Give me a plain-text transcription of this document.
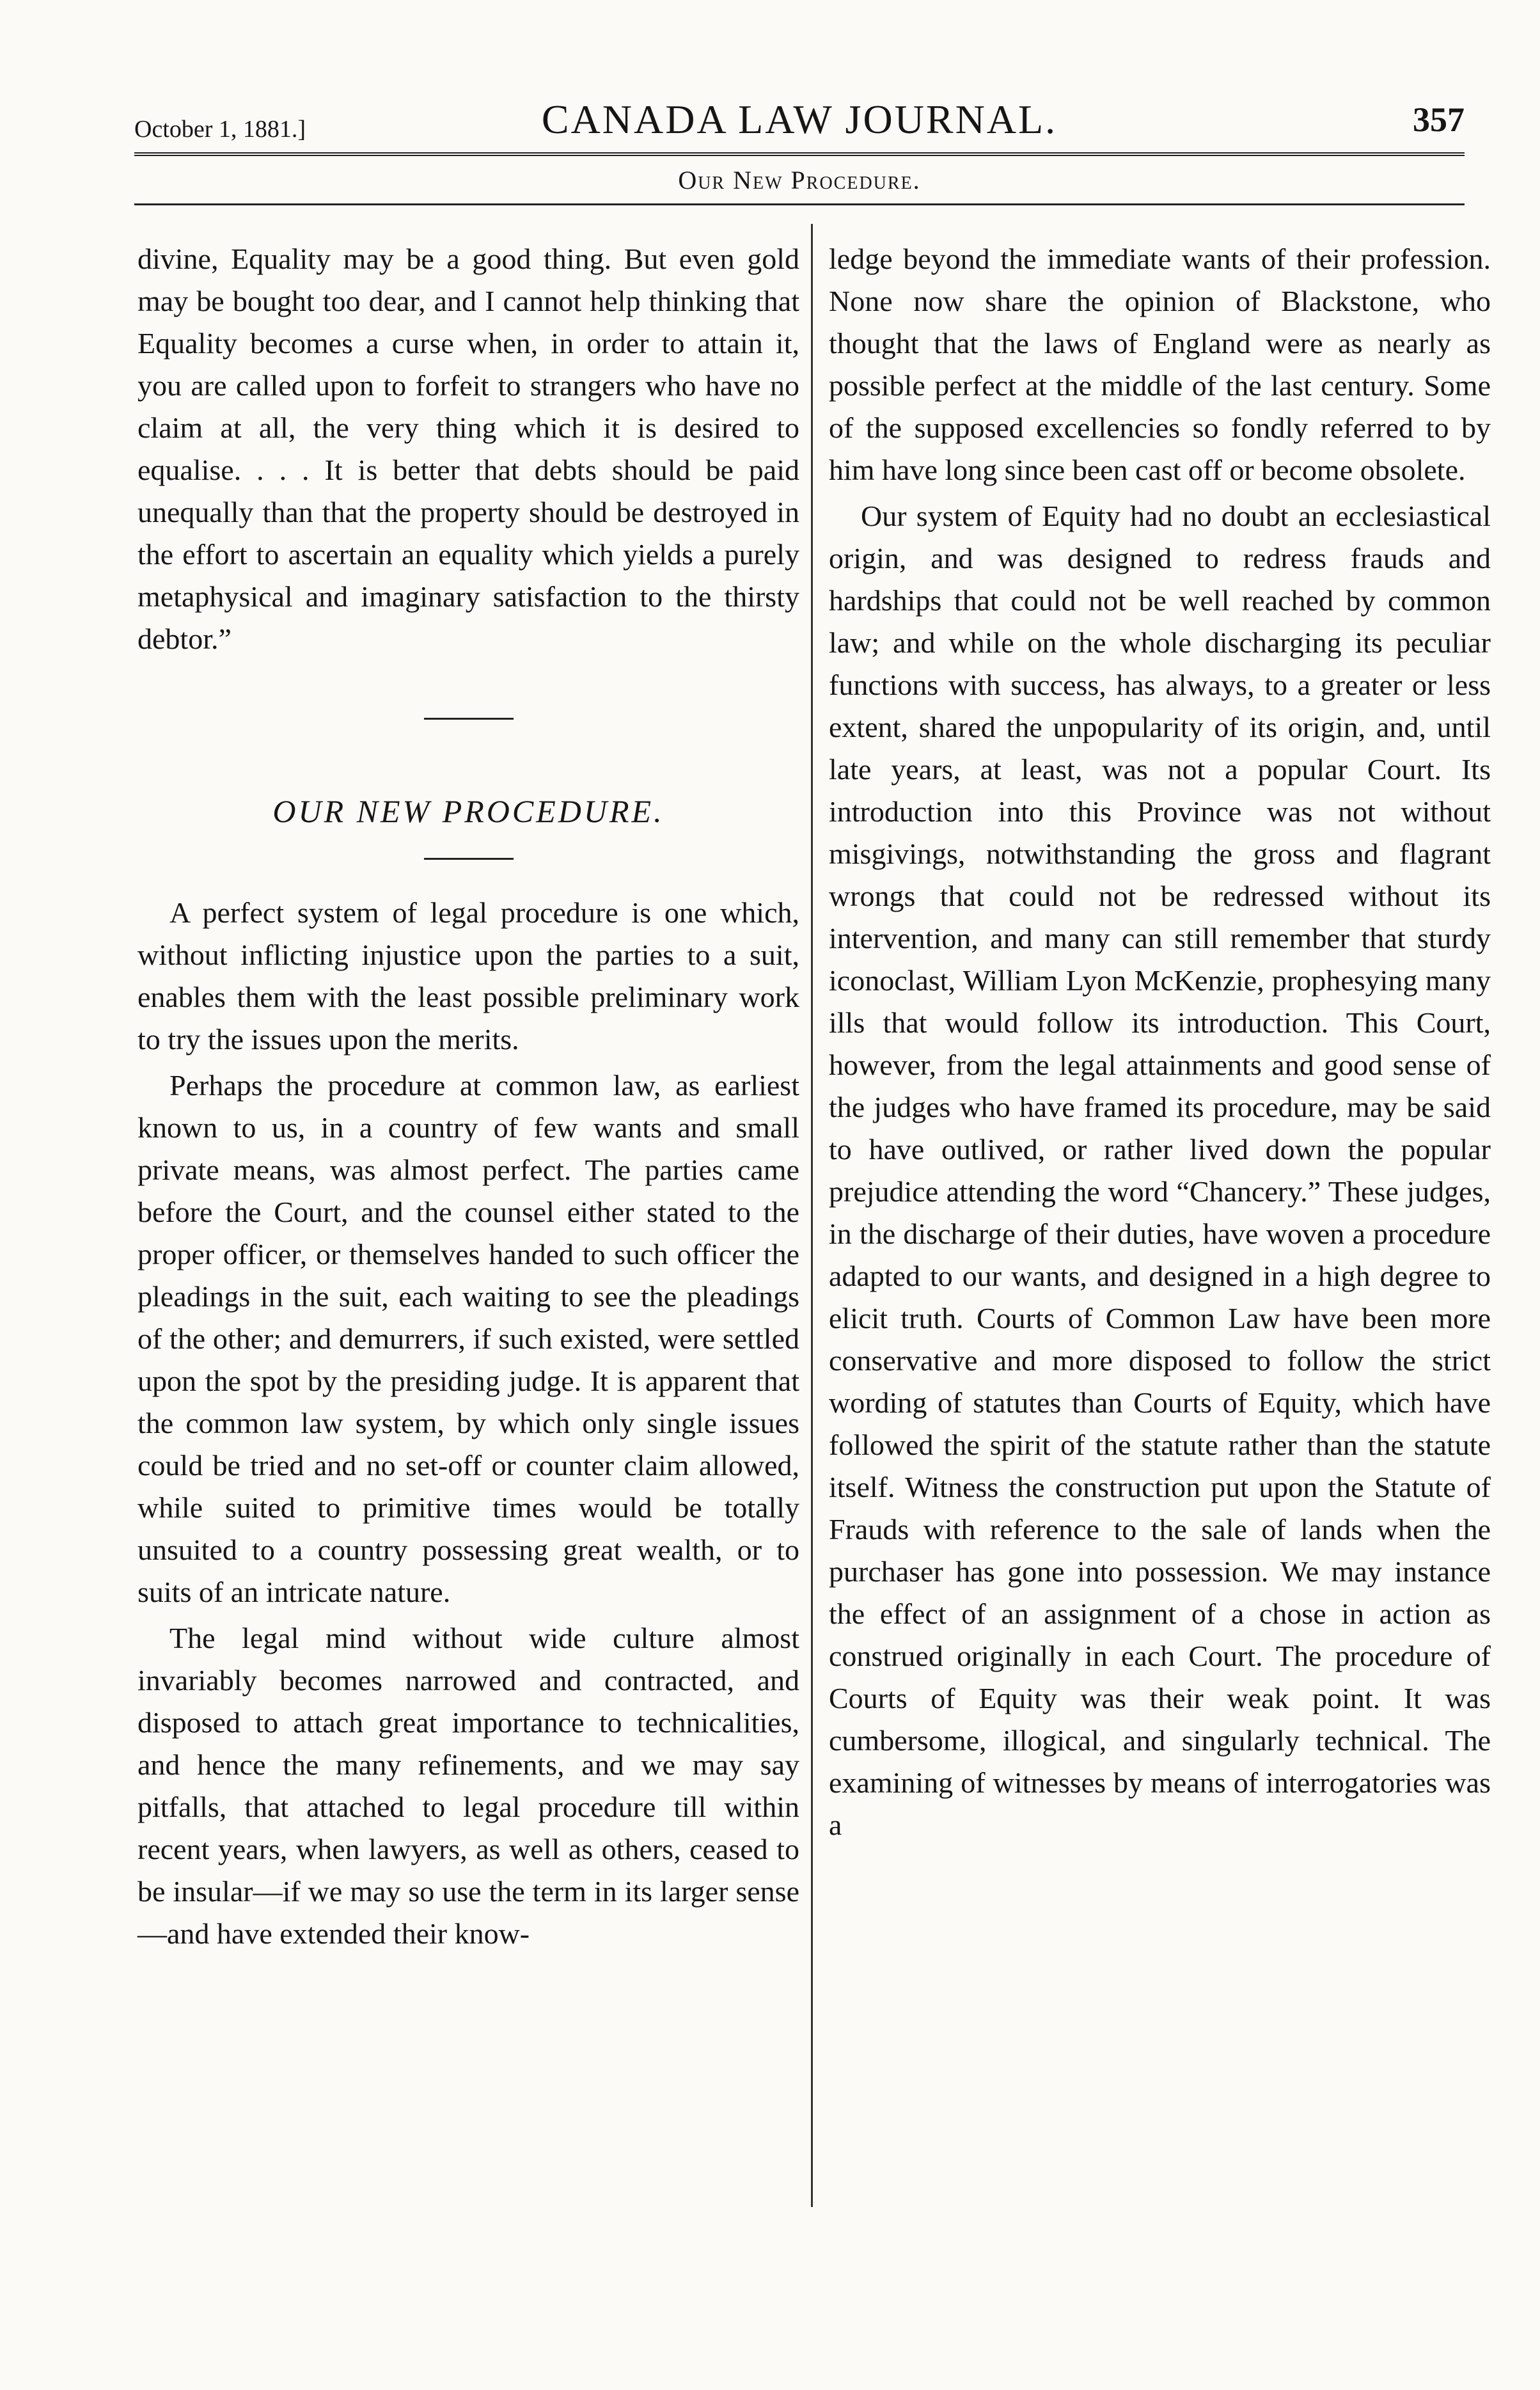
October 1, 1881.]	CANADA LAW JOURNAL.	357
Our New Procedure.

divine, Equality may be a good thing. But even gold may be bought too dear, and I cannot help thinking that Equality becomes a curse when, in order to attain it, you are called upon to forfeit to strangers who have no claim at all, the very thing which it is desired to equalise. . . . It is better that debts should be paid unequally than that the property should be destroyed in the effort to ascertain an equality which yields a purely metaphysical and imaginary satisfaction to the thirsty debtor.”

OUR NEW PROCEDURE.

A perfect system of legal procedure is one which, without inflicting injustice upon the parties to a suit, enables them with the least possible preliminary work to try the issues upon the merits.

Perhaps the procedure at common law, as earliest known to us, in a country of few wants and small private means, was almost perfect. The parties came before the Court, and the counsel either stated to the proper officer, or themselves handed to such officer the pleadings in the suit, each waiting to see the pleadings of the other; and demurrers, if such existed, were settled upon the spot by the presiding judge. It is apparent that the common law system, by which only single issues could be tried and no set-off or counter claim allowed, while suited to primitive times would be totally unsuited to a country possessing great wealth, or to suits of an intricate nature.

The legal mind without wide culture almost invariably becomes narrowed and contracted, and disposed to attach great importance to technicalities, and hence the many refinements, and we may say pitfalls, that attached to legal procedure till within recent years, when lawyers, as well as others, ceased to be insular—if we may so use the term in its larger sense—and have extended their know-

ledge beyond the immediate wants of their profession. None now share the opinion of Blackstone, who thought that the laws of England were as nearly as possible perfect at the middle of the last century. Some of the supposed excellencies so fondly referred to by him have long since been cast off or become obsolete.

Our system of Equity had no doubt an ecclesiastical origin, and was designed to redress frauds and hardships that could not be well reached by common law; and while on the whole discharging its peculiar functions with success, has always, to a greater or less extent, shared the unpopularity of its origin, and, until late years, at least, was not a popular Court. Its introduction into this Province was not without misgivings, notwithstanding the gross and flagrant wrongs that could not be redressed without its intervention, and many can still remember that sturdy iconoclast, William Lyon McKenzie, prophesying many ills that would follow its introduction. This Court, however, from the legal attainments and good sense of the judges who have framed its procedure, may be said to have outlived, or rather lived down the popular prejudice attending the word “Chancery.” These judges, in the discharge of their duties, have woven a procedure adapted to our wants, and designed in a high degree to elicit truth. Courts of Common Law have been more conservative and more disposed to follow the strict wording of statutes than Courts of Equity, which have followed the spirit of the statute rather than the statute itself. Witness the construction put upon the Statute of Frauds with reference to the sale of lands when the purchaser has gone into possession. We may instance the effect of an assignment of a chose in action as construed originally in each Court. The procedure of Courts of Equity was their weak point. It was cumbersome, illogical, and singularly technical. The examining of witnesses by means of interrogatories was a
